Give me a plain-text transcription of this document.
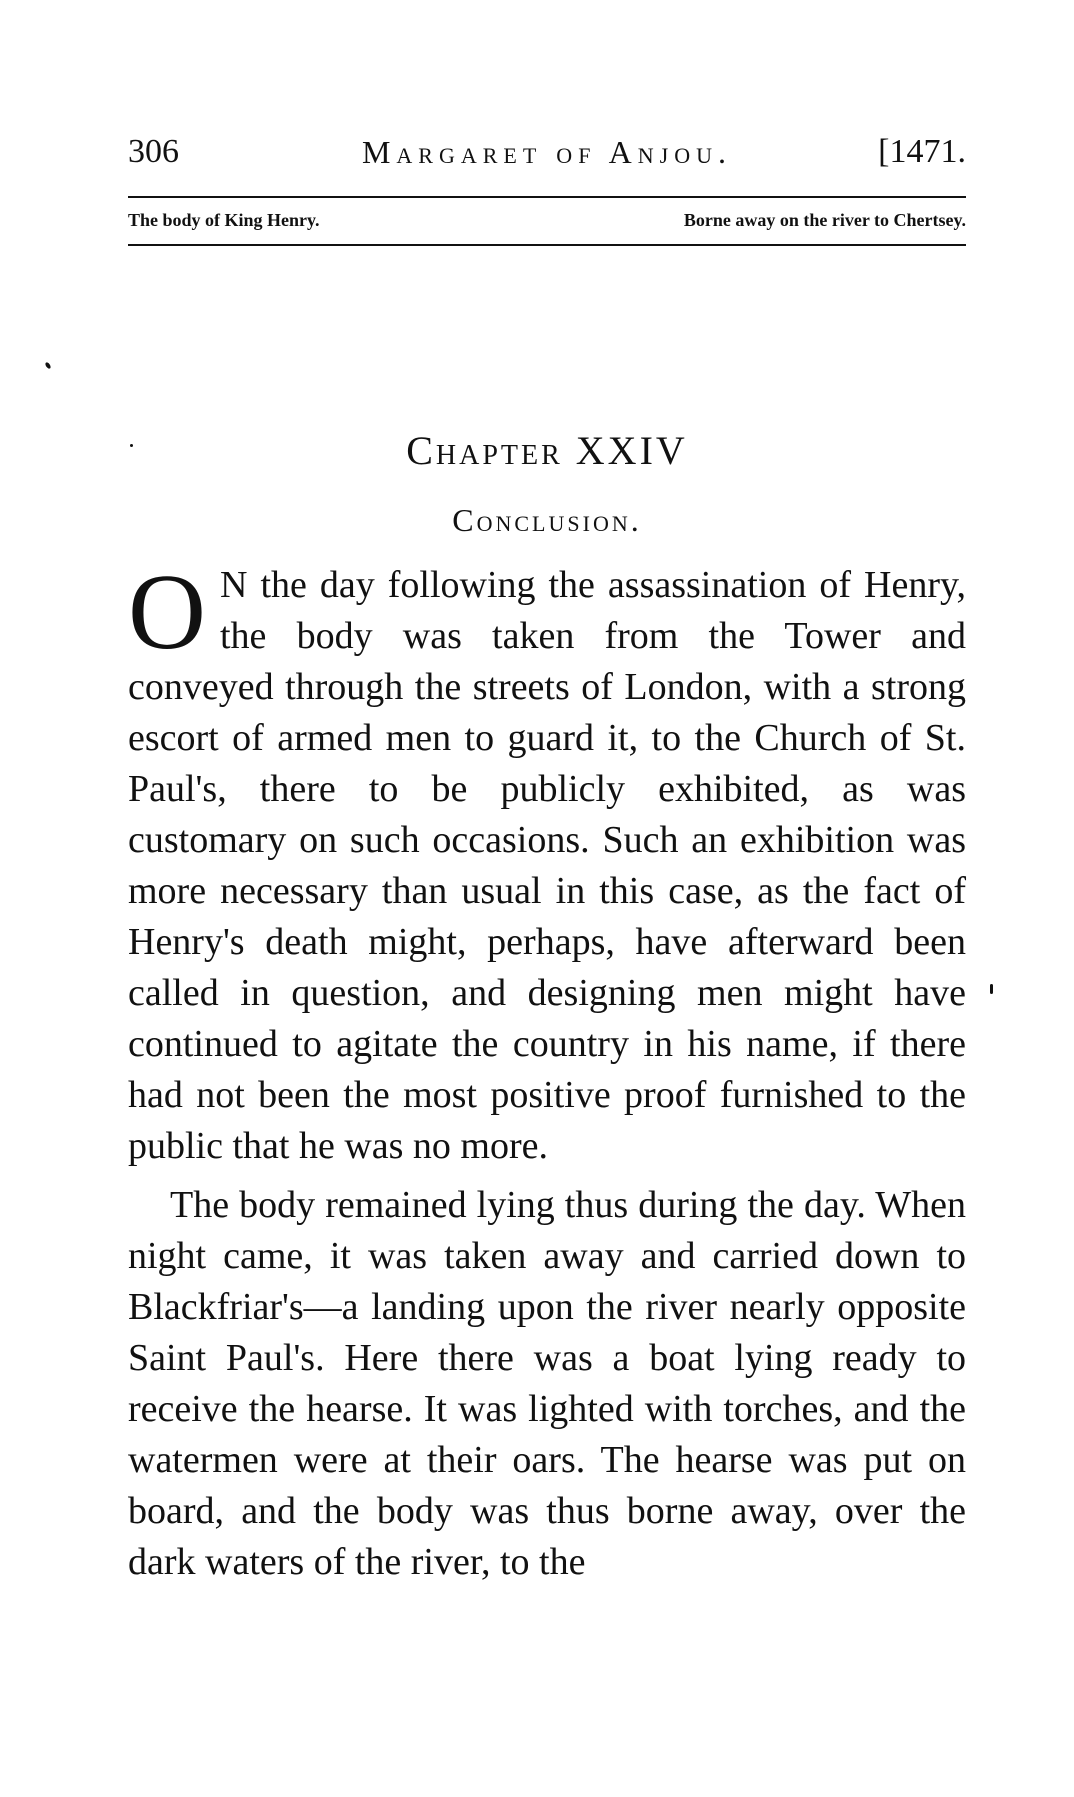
306	Margaret of Anjou.	[1471.
The body of King Henry.	Borne away on the river to Chertsey.
Chapter XXIV
Conclusion.

O N the day following the assassination of Henry, the body was taken from the Tower and conveyed through the streets of London, with a strong escort of armed men to guard it, to the Church of St. Paul's, there to be publicly exhibited, as was customary on such occasions. Such an exhibition was more necessary than usual in this case, as the fact of Henry's death might, perhaps, have afterward been called in question, and designing men might have continued to agitate the country in his name, if there had not been the most positive proof furnished to the public that he was no more.

The body remained lying thus during the day. When night came, it was taken away and carried down to Blackfriar's—a landing upon the river nearly opposite Saint Paul's. Here there was a boat lying ready to receive the hearse. It was lighted with torches, and the watermen were at their oars. The hearse was put on board, and the body was thus borne away, over the dark waters of the river, to the
